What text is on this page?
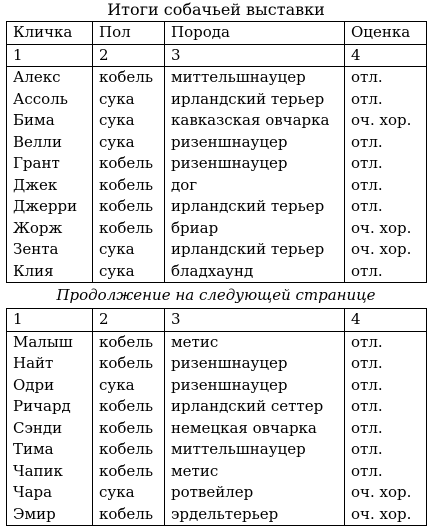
Итоги собачьей выставки
Кличка	Пол	Порода	Оценка
1	2	3	4
Алекс	кобель	миттельшнауцер	отл.
Ассоль	сука	ирландский терьер	отл.
Бима	сука	кавказская овчарка	оч. хор.
Велли	сука	ризеншнауцер	отл.
Грант	кобель	ризеншнауцер	отл.
Джек	кобель	дог	отл.
Джерри	кобель	ирландский терьер	отл.
Жорж	кобель	бриар	оч. хор.
Зента	сука	ирландский терьер	оч. хор.
Клия	сука	бладхаунд	отл.
Продолжение на следующей странице
1	2	3	4
Малыш	кобель	метис	отл.
Найт	кобель	ризеншнауцер	отл.
Одри	сука	ризеншнауцер	отл.
Ричард	кобель	ирландский сеттер	отл.
Сэнди	кобель	немецкая овчарка	отл.
Тима	кобель	миттельшнауцер	отл.
Чапик	кобель	метис	отл.
Чара	сука	ротвейлер	оч. хор.
Эмир	кобель	эрдельтерьер	оч. хор.
